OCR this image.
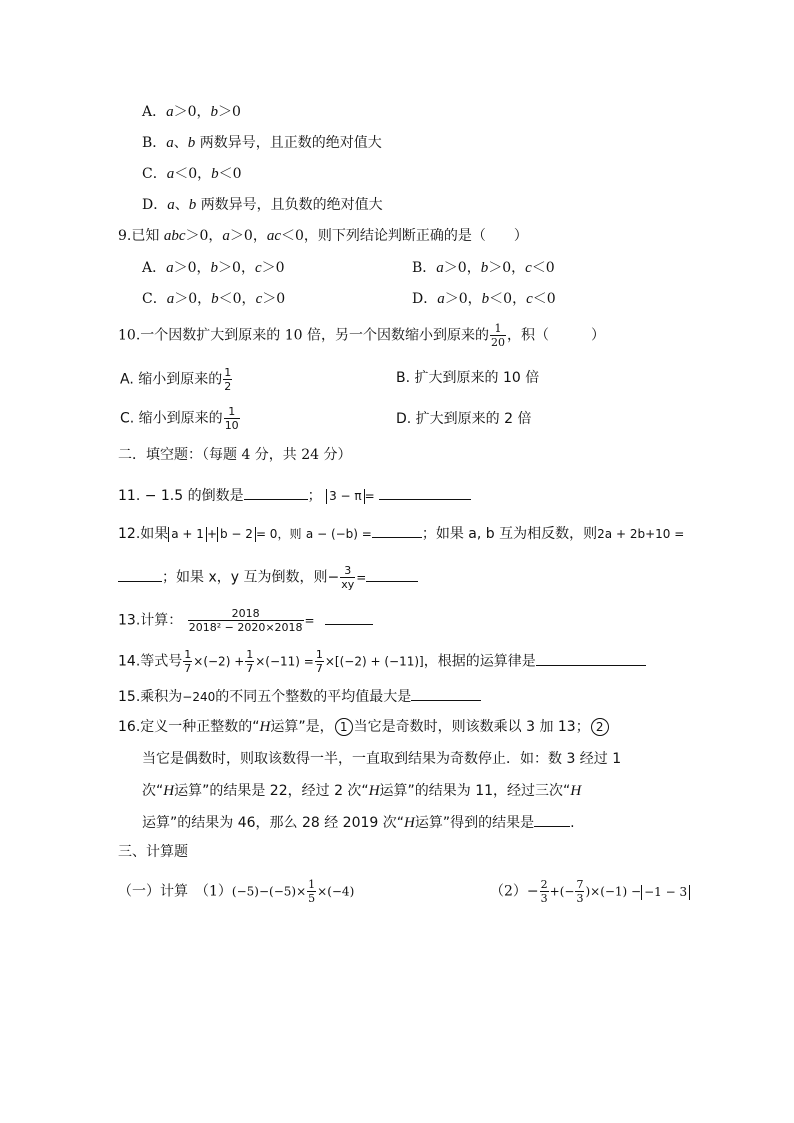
A．a＞0，b＞0
B．a、b 两数异号，且正数的绝对值大
C．a＜0，b＜0
D．a、b 两数异号，且负数的绝对值大
9.已知 abc＞0，a＞0，ac＜0，则下列结论判断正确的是（　　）
A．a＞0，b＞0，c＞0	B．a＞0，b＞0，c＜0
C．a＞0，b＜0，c＞0	D．a＞0，b＜0，c＜0
10.一个因数扩大到原来的 10 倍，另一个因数缩小到原来的 $\frac{1}{20}$ ，积（　　　）
A. 缩小到原来的 $\frac{1}{2}$	B. 扩大到原来的 10 倍
C. 缩小到原来的 $\frac{1}{10}$	D. 扩大到原来的 2 倍
二．填空题：（每题 4 分，共 24 分）
11. − 1.5 的倒数是	； 3 − π =
12.如果 a + 1 + b − 2 = 0，则 a − (−b) =	；如果 a, b 互为相反数，则2a + 2b+10 =
；如果 x，y 互为倒数，则− $\frac{3}{xy}$ =
13.计算： $\frac{2018}{\text{2018² − 2020×2018}}$ =
14.等式号 $\frac{1}{7} \times(-2) + \frac{1}{7} \times(-11) = \frac{1}{7} \times[(-2) + (-11)]$，根据的运算律是
15.乘积为−240的不同五个整数的平均值最大是
16.定义一种正整数的“H运算”是， 1 当它是奇数时，则该数乘以 3 加 13； 2
当它是偶数时，则取该数得一半，一直取到结果为奇数停止．如：数 3 经过 1
次“H运算”的结果是 22，经过 2 次“H运算”的结果为 11，经过三次“H
运算”的结果为 46，那么 28 经 2019 次“H运算”得到的结果是	.
三、计算题
（一）计算　$(1)(-5)-(-5)\times \frac{1}{5} \times(-4)$	$(2)- \frac{2}{3}$ +(− $\frac{7}{3} )\times(-1) - -1 - 3$
